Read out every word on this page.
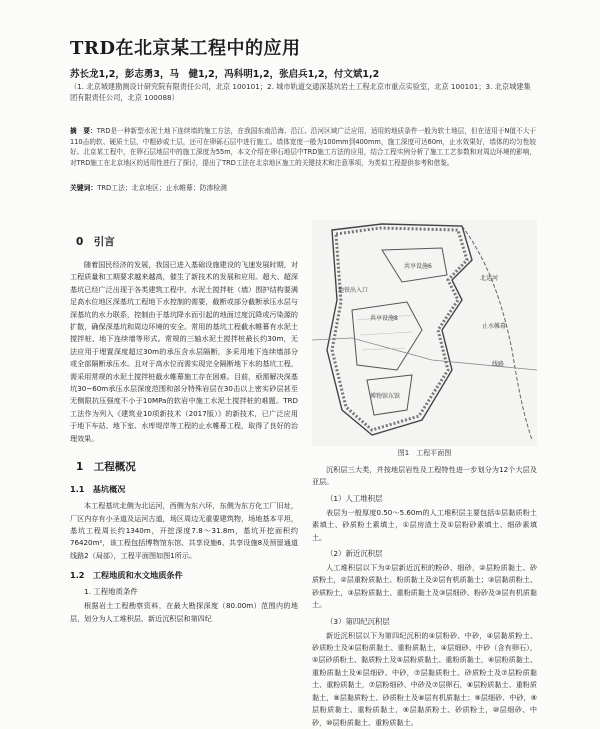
TRD在北京某工程中的应用
苏长龙1,2，彭志勇3，马　健1,2，冯科明1,2，张启兵1,2，付文斌1,2
（1. 北京城建勘测设计研究院有限责任公司，北京 100101；2. 城市轨道交通深基坑岩土工程北京市重点实验室，北京 100101；3. 北京城建集团有限责任公司，北京 100088）
摘　要：TRD是一种新型水泥土地下连续墙的施工方法，在我国东南沿海、沿江、沿河区域广泛应用，适用的地质条件一般为软土地层，但在适用于N值不大于110击的软、硬质土层，中粗砂或土层，还可在卵砾石层中进行施工。墙体宽度一般为100mm到400mm，施工深度可达60m，止水效果好，墙体的均匀性较好。北京某工程中，在卵石层地层中的施工深度为55m，本文介绍在卵石地层中TRD施工方法的应用，结合工程实例分析了施工工艺参数和对周边环境的影响，对TRD施工在北京地区的适用性进行了探讨，提出了TRD工法在北京地区施工的关键技术和注意事项，为类似工程提供参考和借鉴。
关键词：TRD工法；北京地区；止水帷幕；防渗检测
0　引言

随着国民经济的发展，我国已进入基础设施建设的飞速发展时期，对工程质量和工期要求越来越高，催生了新技术的发展和应用。超大、超深基坑已经广泛出现于各类建筑工程中，水泥土搅拌桩（墙）围护结构要满足高水位地区深基坑工程地下水控制的需要，截断或部分截断承压水层与深基坑的水力联系，控制由于基坑降水而引起的地面过度沉降或污染源的扩散，确保深基坑和周边环境的安全。常用的基坑工程截水帷幕有水泥土搅拌桩、地下连续墙等形式。常规的三轴水泥土搅拌桩最长约30m，无法应用于埋置深度超过30m的承压含水层隔断，多采用地下连续墙部分或全部隔断承压水。且对于高水位而需实现完全隔断地下水的基坑工程，需采用常规的水泥土搅拌桩截水帷幕施工存在困难。目前，亟需解决深基坑30~60m承压水层深度范围和部分特殊岩层在30击以上密实砂层甚至无侧限抗压强度不小于10MPa的软岩中施工水泥土搅拌桩的难题。TRD工法作为列入《建筑业10项新技术（2017版）》的新技术，已广泛应用于地下车站、地下室、水库堤岸等工程的止水帷幕工程，取得了良好的治理效果。

1　工程概况
1.1　基坑概况

本工程基坑北侧为北运河，西侧为东六环，东侧为东方化工厂旧址，厂区内存有小圣道及运河古道，场区周边无重要建筑物，场地基本平坦，基坑工程周长约1340m，开挖深度7.8～31.8m，基坑开挖面积约76420m²，该工程包括博物馆东馆、共享设施6、共享设施8及预留通道线路2（局部），工程平面图如图1所示。

1.2　工程地质和水文地质条件
1. 工程地质条件

根据岩土工程勘察资料，在最大勘探深度（80.00m）范围内的地层，划分为人工堆积层、新近沉积层和第四纪

地铁出入口
共享设施6
共享设施8
博物馆东馆
北运河
止水帷幕
线路
图1　工程平面图

沉积层三大类，并按地层岩性及工程特性进一步划分为12个大层及亚层。

（1）人工堆积层

表层为一般厚度0.50～5.60m的人工堆积层主要包括①层黏质粉土素填土、砂质粉土素填土，①层房渣土及①层粉砂素填土、细砂素填土。

（2）新近沉积层

人工堆积层以下为②层新近沉积的粉砂、细砂，②层粉质黏土、砂质粉土，②层重粉质黏土、粉质黏土及②层有机质黏土；③层黏质粉土、砂质粉土，③层粉质黏土、重粉质黏土及③层细砂、粉砂及③层有机质黏土。

（3）第四纪沉积层

新近沉积层以下为第四纪沉积的④层粉砂、中砂，④层黏质粉土、砂质粉土及④层粉质黏土、重粉质黏土，④层细砂、中砂（含有卵石），⑤层砂质粉土、黏质粉土及⑤层粉质黏土、重粉质黏土，⑥层粉质黏土、重粉质黏土及⑥层细砂、中砂，⑦层黏质粉土、砂质粉土及⑦层粉质黏土、重粉质黏土，⑦层粉细砂、中砂及⑦层卵石，⑧层粉质黏土、重粉质黏土，⑧层黏质粉土、砂质粉土及⑧层有机质黏土；⑨层细砂、中砂，⑨层粉质黏土、重粉质黏土，⑨层黏质粉土、砂质粉土，⑩层细砂、中砂，⑩层粉质黏土、重粉质黏土。
